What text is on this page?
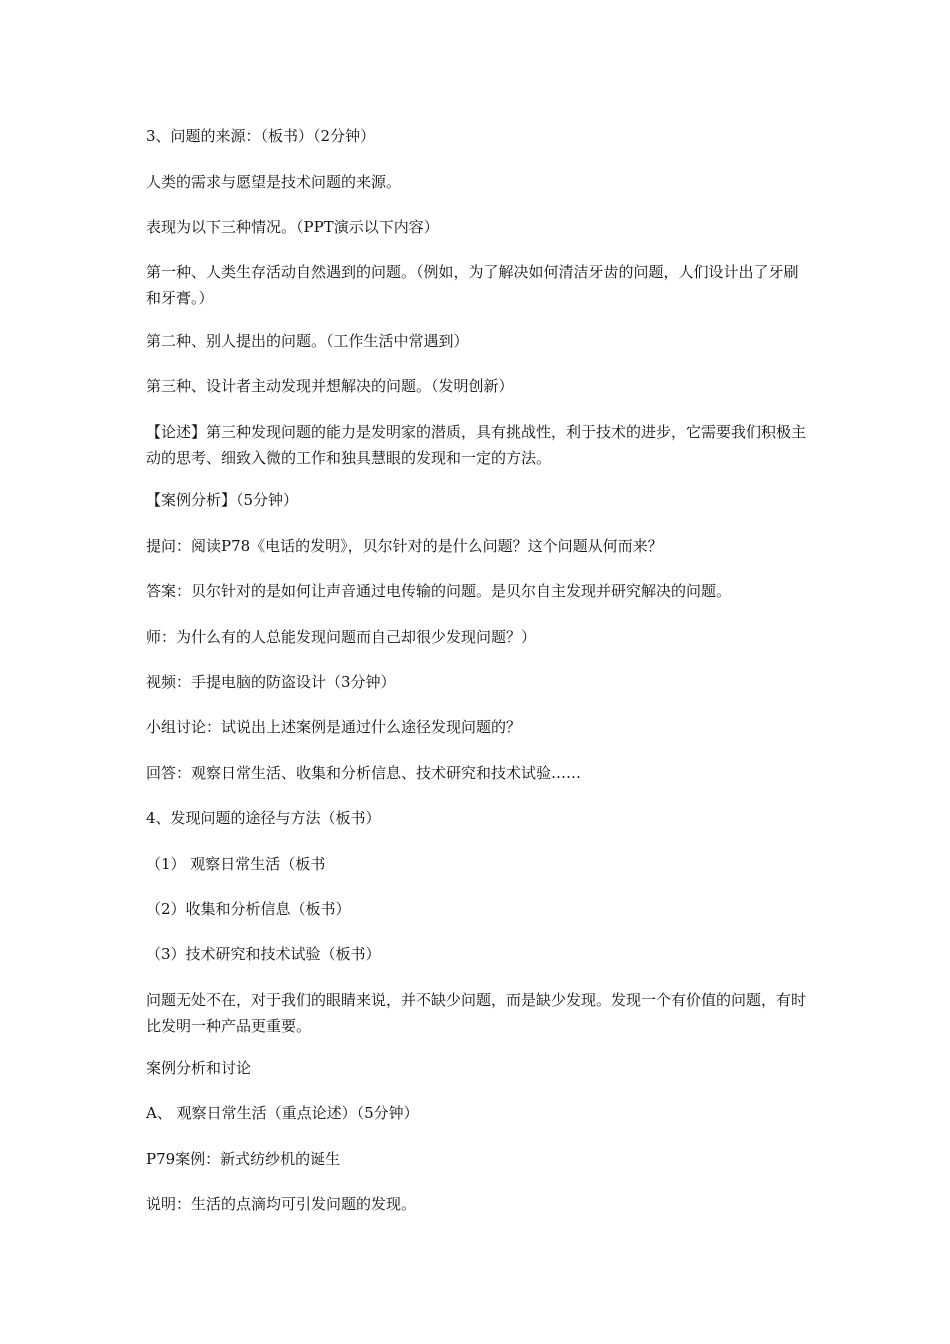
3、问题的来源：（板书）（2分钟）

人类的需求与愿望是技术问题的来源。

表现为以下三种情况。（PPT演示以下内容）

第一种、人类生存活动自然遇到的问题。（例如，为了解决如何清洁牙齿的问题，人们设计出了牙刷和牙膏。）

第二种、别人提出的问题。（工作生活中常遇到）

第三种、设计者主动发现并想解决的问题。（发明创新）

【论述】第三种发现问题的能力是发明家的潜质，具有挑战性，利于技术的进步，它需要我们积极主动的思考、细致入微的工作和独具慧眼的发现和一定的方法。

【案例分析】（5分钟）

提问：阅读P78《电话的发明》，贝尔针对的是什么问题？这个问题从何而来？

答案：贝尔针对的是如何让声音通过电传输的问题。是贝尔自主发现并研究解决的问题。

师：为什么有的人总能发现问题而自己却很少发现问题？）

视频：手提电脑的防盗设计（3分钟）

小组讨论：试说出上述案例是通过什么途径发现问题的？

回答：观察日常生活、收集和分析信息、技术研究和技术试验……

4、发现问题的途径与方法（板书）

（1） 观察日常生活（板书

（2）收集和分析信息（板书）

（3）技术研究和技术试验（板书）

问题无处不在，对于我们的眼睛来说，并不缺少问题，而是缺少发现。发现一个有价值的问题，有时比发明一种产品更重要。

案例分析和讨论

A、 观察日常生活（重点论述）（5分钟）

P79案例：新式纺纱机的诞生

说明：生活的点滴均可引发问题的发现。
